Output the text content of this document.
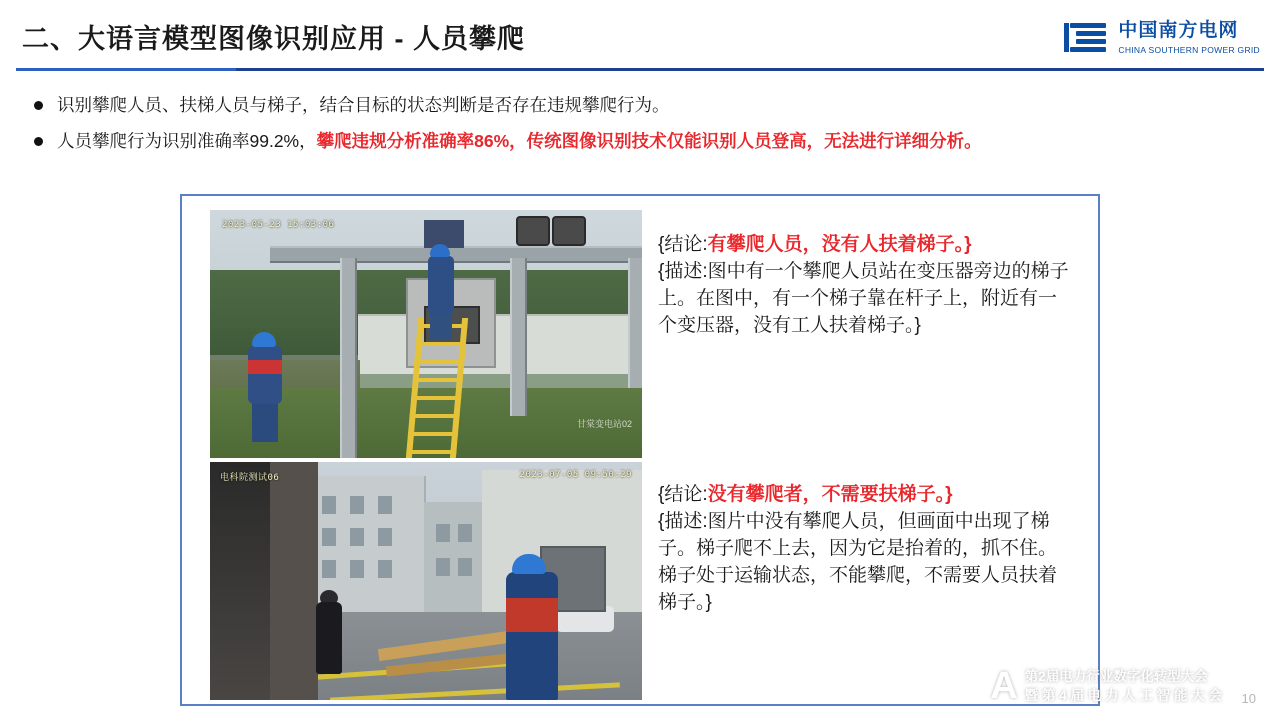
二、大语言模型图像识别应用 - 人员攀爬	中国南方电网
CHINA SOUTHERN POWER GRID
识别攀爬人员、扶梯人员与梯子，结合目标的状态判断是否存在违规攀爬行为。
人员攀爬行为识别准确率99.2%，攀爬违规分析准确率86%，传统图像识别技术仅能识别人员登高，无法进行详细分析。
2023-05-23 15:03:06
甘棠变电站02
电科院测试06	2023-07-05 09:50:29
{结论:有攀爬人员，没有人扶着梯子。}
{描述:图中有一个攀爬人员站在变压器旁边的梯子上。在图中，有一个梯子靠在杆子上，附近有一个变压器，没有工人扶着梯子。}
{结论:没有攀爬者，不需要扶梯子。}
{描述:图片中没有攀爬人员，但画面中出现了梯子。梯子爬不上去，因为它是抬着的，抓不住。梯子处于运输状态，不能攀爬，不需要人员扶着梯子。}
A 第2届电力行业数字化转型大会
暨 第 4 届 电 力 人 工 智 能 大 会 10
